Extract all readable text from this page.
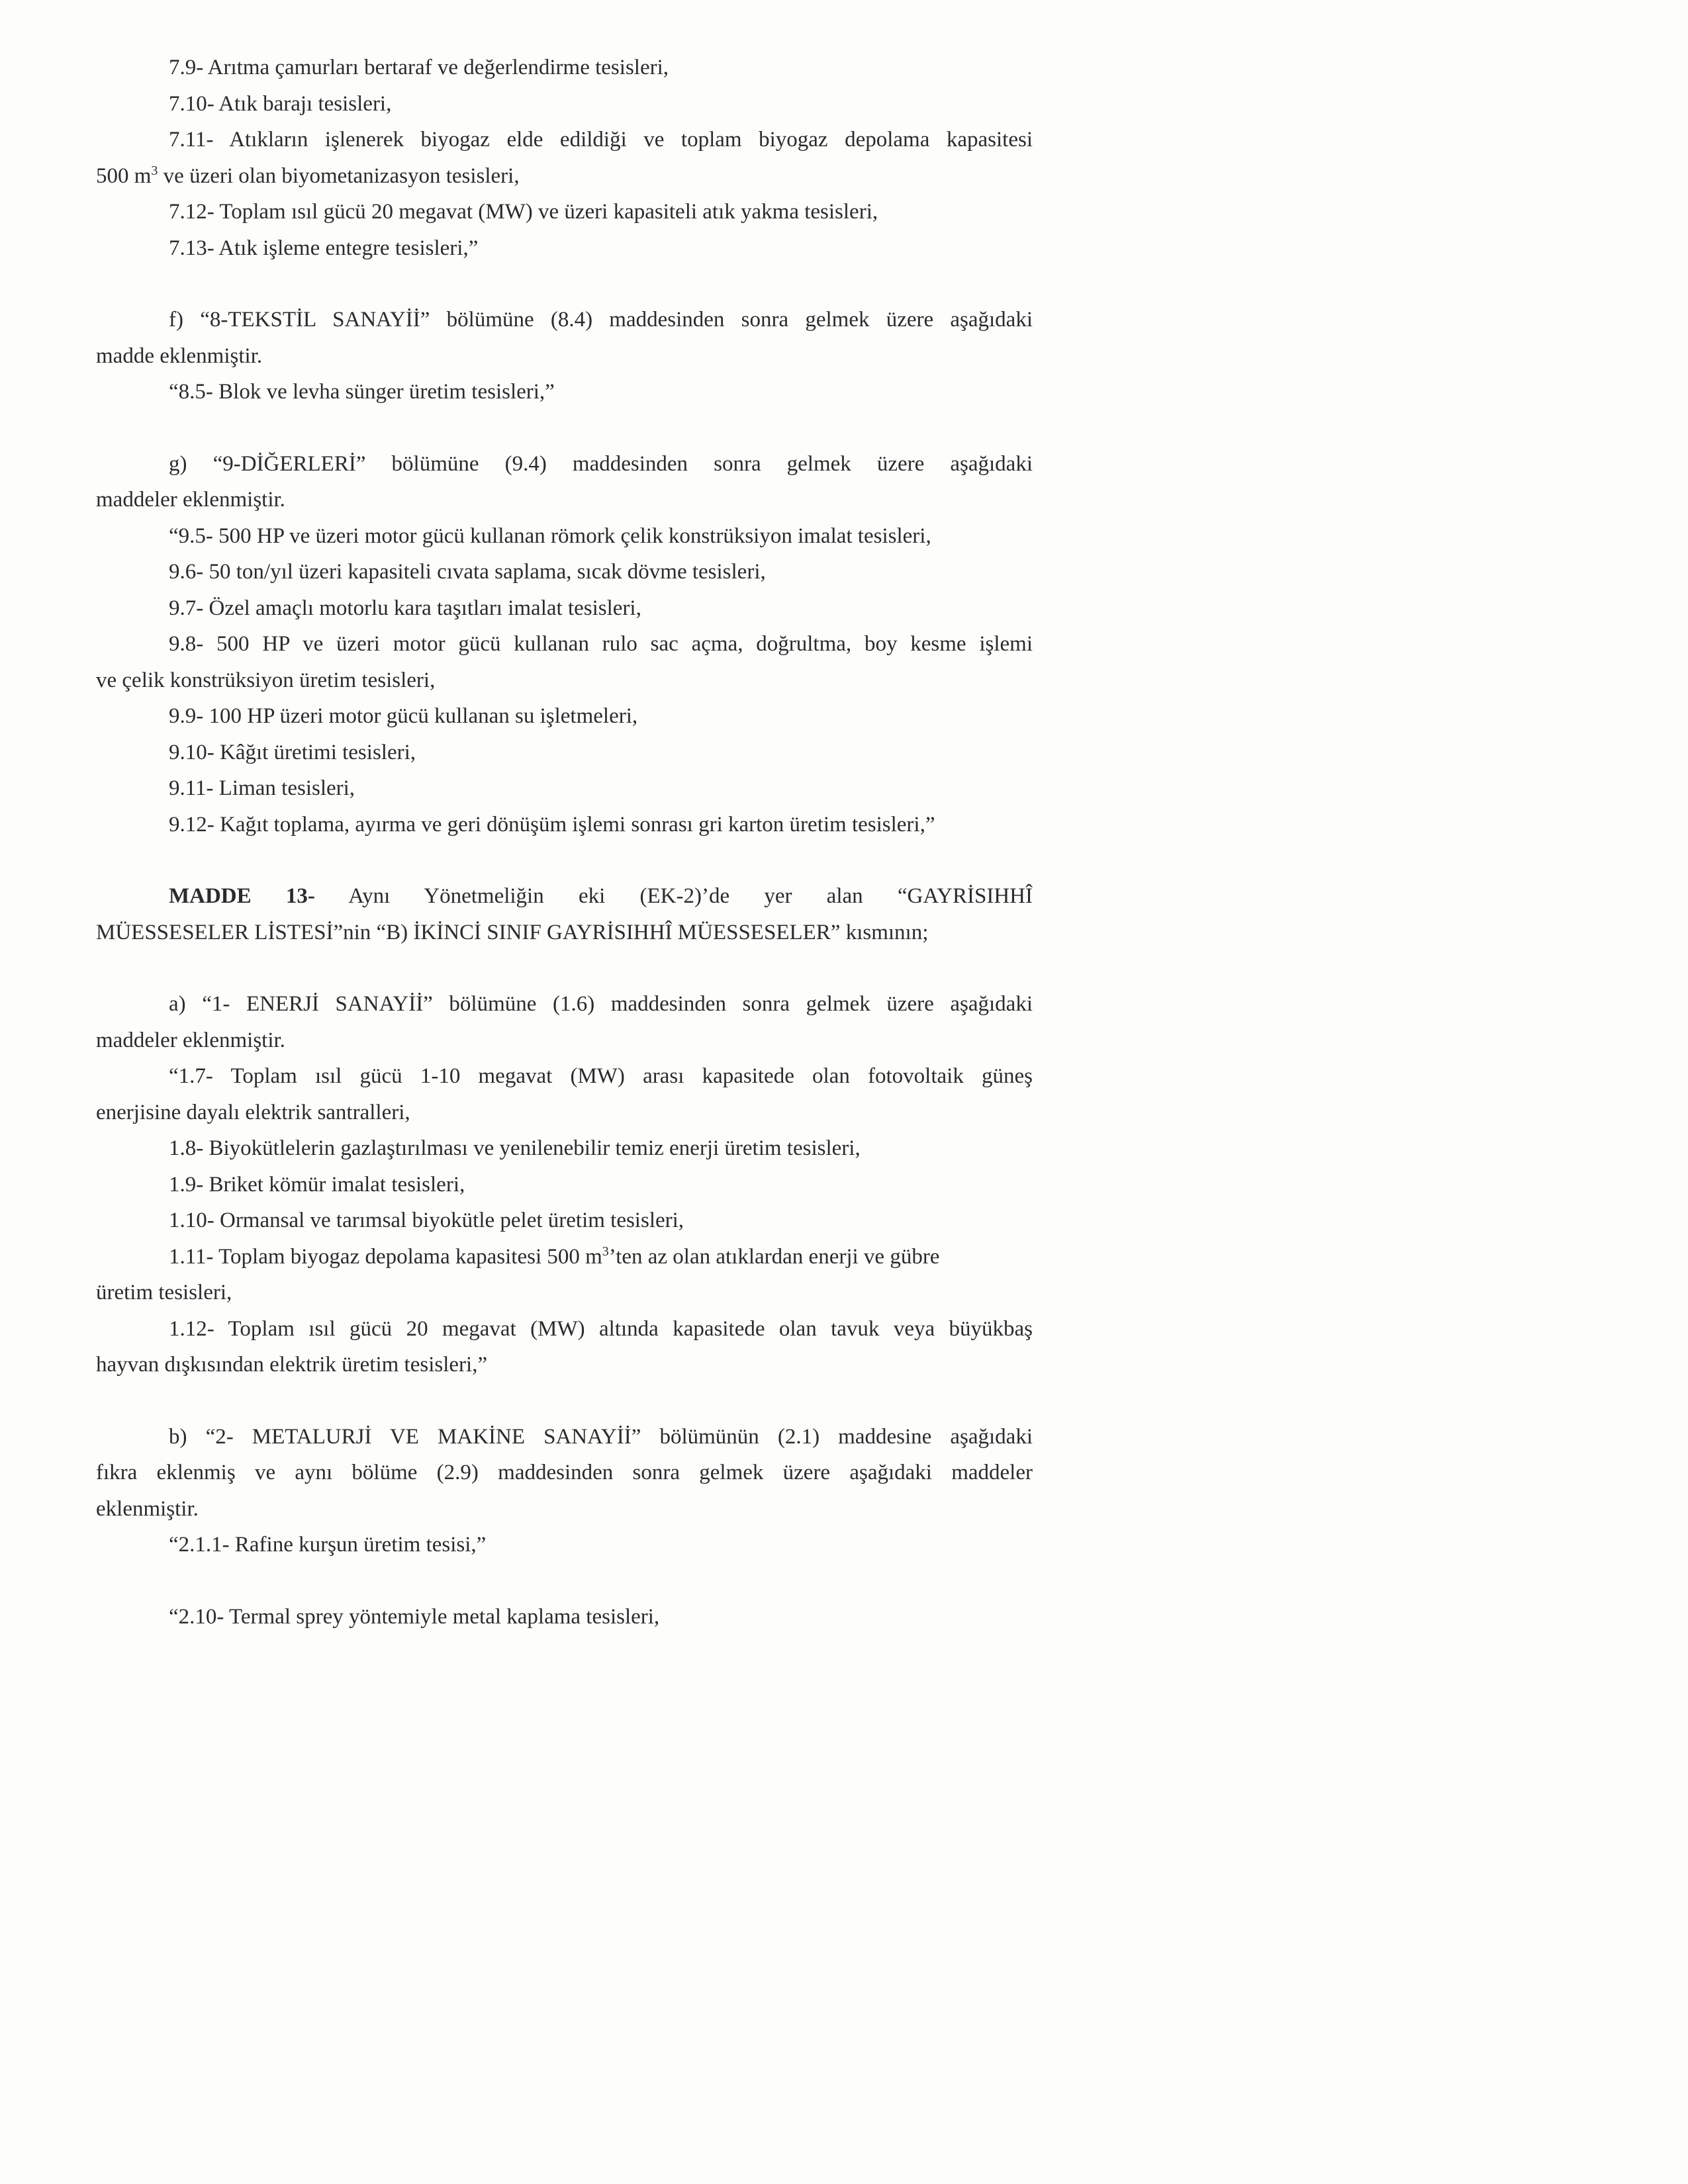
7.9- Arıtma çamurları bertaraf ve değerlendirme tesisleri,
7.10- Atık barajı tesisleri,
7.11- Atıkların işlenerek biyogaz elde edildiği ve toplam biyogaz depolama kapasitesi
500 $m^3$ ve üzeri olan biyometanizasyon tesisleri,
7.12- Toplam ısıl gücü 20 megavat (MW) ve üzeri kapasiteli atık yakma tesisleri,
7.13- Atık işleme entegre tesisleri,”
f) “8-TEKSTİL SANAYİİ” bölümüne (8.4) maddesinden sonra gelmek üzere aşağıdaki
madde eklenmiştir.
“8.5- Blok ve levha sünger üretim tesisleri,”
g) “9-DİĞERLERİ” bölümüne (9.4) maddesinden sonra gelmek üzere aşağıdaki
maddeler eklenmiştir.
“9.5- 500 HP ve üzeri motor gücü kullanan römork çelik konstrüksiyon imalat tesisleri,
9.6- 50 ton/yıl üzeri kapasiteli cıvata saplama, sıcak dövme tesisleri,
9.7- Özel amaçlı motorlu kara taşıtları imalat tesisleri,
9.8- 500 HP ve üzeri motor gücü kullanan rulo sac açma, doğrultma, boy kesme işlemi
ve çelik konstrüksiyon üretim tesisleri,
9.9- 100 HP üzeri motor gücü kullanan su işletmeleri,
9.10- Kâğıt üretimi tesisleri,
9.11- Liman tesisleri,
9.12- Kağıt toplama, ayırma ve geri dönüşüm işlemi sonrası gri karton üretim tesisleri,”
MADDE 13- Aynı Yönetmeliğin eki (EK-2)’de yer alan “GAYRİSIHHÎ
MÜESSESELER LİSTESİ”nin “B) İKİNCİ SINIF GAYRİSIHHÎ MÜESSESELER” kısmının;
a) “1- ENERJİ SANAYİİ” bölümüne (1.6) maddesinden sonra gelmek üzere aşağıdaki
maddeler eklenmiştir.
“1.7- Toplam ısıl gücü 1-10 megavat (MW) arası kapasitede olan fotovoltaik güneş
enerjisine dayalı elektrik santralleri,
1.8- Biyokütlelerin gazlaştırılması ve yenilenebilir temiz enerji üretim tesisleri,
1.9- Briket kömür imalat tesisleri,
1.10- Ormansal ve tarımsal biyokütle pelet üretim tesisleri,
1.11- Toplam biyogaz depolama kapasitesi 500 $m^3’ten$ az olan atıklardan enerji ve gübre
üretim tesisleri,
1.12- Toplam ısıl gücü 20 megavat (MW) altında kapasitede olan tavuk veya büyükbaş
hayvan dışkısından elektrik üretim tesisleri,”
b) “2- METALURJİ VE MAKİNE SANAYİİ” bölümünün (2.1) maddesine aşağıdaki
fıkra eklenmiş ve aynı bölüme (2.9) maddesinden sonra gelmek üzere aşağıdaki maddeler
eklenmiştir.
“2.1.1- Rafine kurşun üretim tesisi,”
“2.10- Termal sprey yöntemiyle metal kaplama tesisleri,
